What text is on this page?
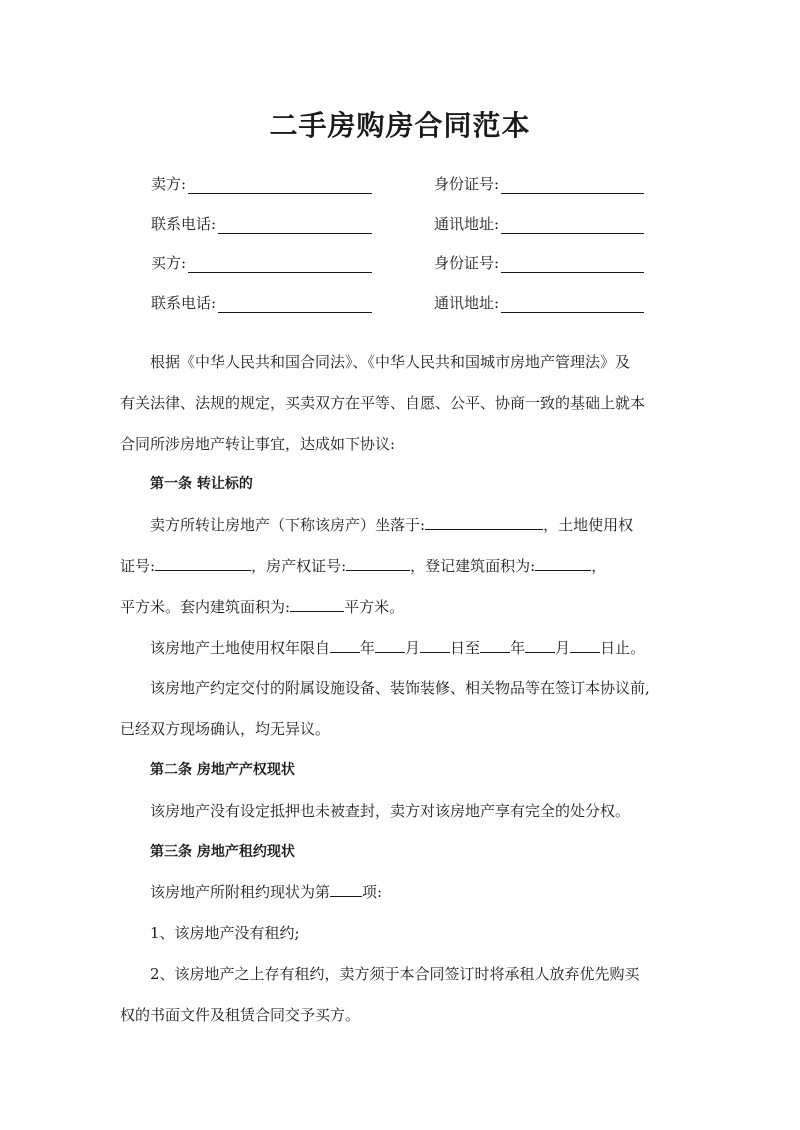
二手房购房合同范本
卖方:	身份证号:
联系电话:	通讯地址:
买方:	身份证号:
联系电话:	通讯地址:

根据《中华人民共和国合同法》、《中华人民共和国城市房地产管理法》及

有关法律、法规的规定，买卖双方在平等、自愿、公平、协商一致的基础上就本

合同所涉房地产转让事宜，达成如下协议:

第一条 转让标的

卖方所转让房地产（下称该房产）坐落于:	，土地使用权

证号:	，房产权证号:	，登记建筑面积为:	，

平方米。套内建筑面积为:	平方米。

该房地产土地使用权年限自 年 月 日至 年 月 日止。

该房地产约定交付的附属设施设备、装饰装修、相关物品等在签订本协议前,

已经双方现场确认，均无异议。

第二条 房地产产权现状

该房地产没有设定抵押也未被查封，卖方对该房地产享有完全的处分权。

第三条 房地产租约现状

该房地产所附租约现状为第 项:

1、该房地产没有租约;

2、该房地产之上存有租约，卖方须于本合同签订时将承租人放弃优先购买

权的书面文件及租赁合同交予买方。
